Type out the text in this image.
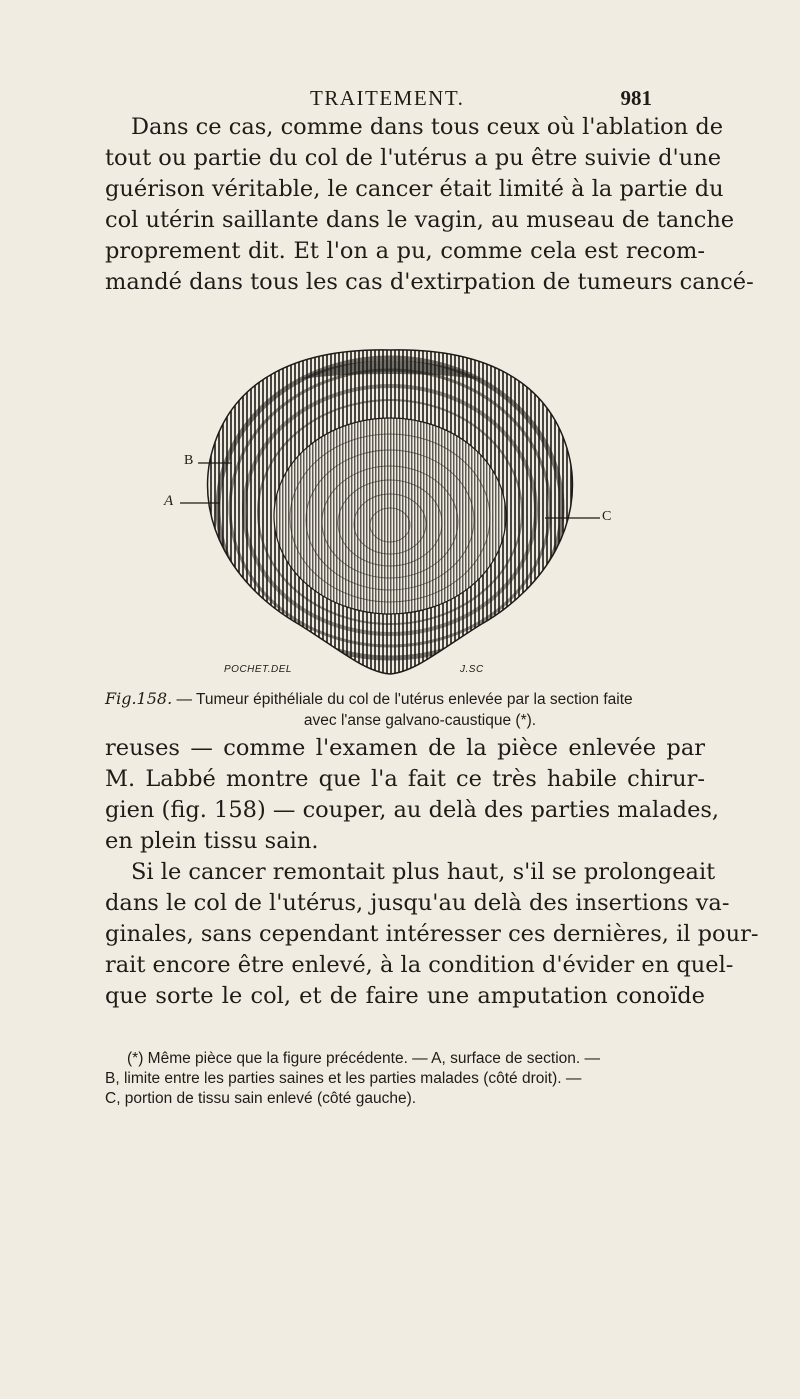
TRAITEMENT.	981
Dans ce cas, comme dans tous ceux où l'ablation de
tout ou partie du col de l'utérus a pu être suivie d'une
guérison véritable, le cancer était limité à la partie du
col utérin saillante dans le vagin, au museau de tanche
proprement dit. Et l'on a pu, comme cela est recom-
mandé dans tous les cas d'extirpation de tumeurs cancé-
B
A
C
POCHET.DEL	J.SC
Fig.158. — Tumeur épithéliale du col de l'utérus enlevée par la section faite
avec l'anse galvano-caustique (*).
reuses — comme l'examen de la pièce enlevée par
M. Labbé montre que l'a fait ce très habile chirur-
gien (fig. 158) — couper, au delà des parties malades,
en plein tissu sain.
Si le cancer remontait plus haut, s'il se prolongeait
dans le col de l'utérus, jusqu'au delà des insertions va-
ginales, sans cependant intéresser ces dernières, il pour-
rait encore être enlevé, à la condition d'évider en quel-
que sorte le col, et de faire une amputation conoïde
(*) Même pièce que la figure précédente. — A, surface de section. —
B, limite entre les parties saines et les parties malades (côté droit). —
C, portion de tissu sain enlevé (côté gauche).
